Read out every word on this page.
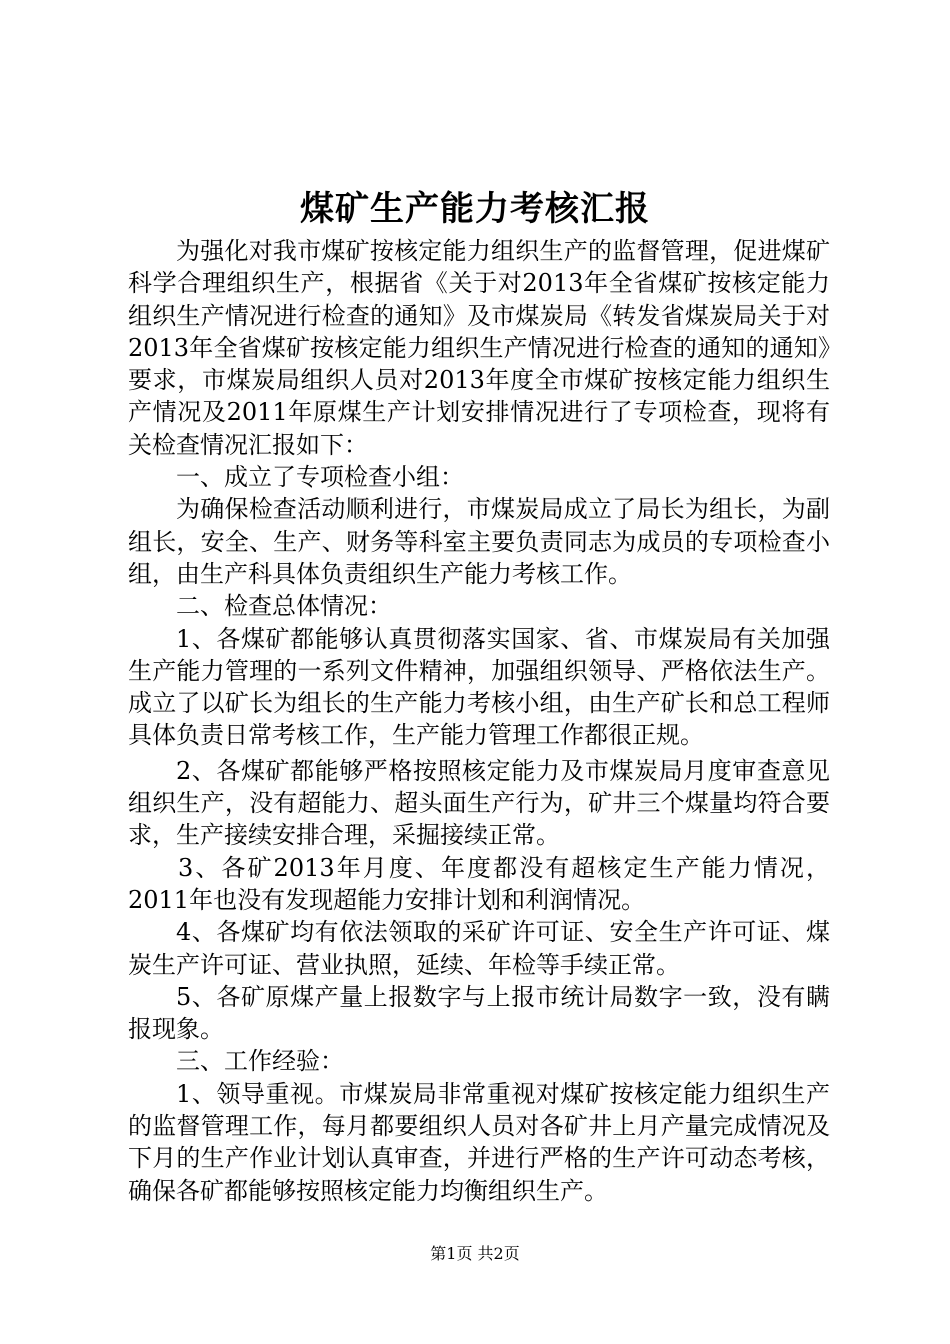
煤矿生产能力考核汇报

为强化对我市煤矿按核定能力组织生产的监督管理，促进煤矿科学合理组织生产，根据省《关于对2013年全省煤矿按核定能力组织生产情况进行检查的通知》及市煤炭局《转发省煤炭局关于对2013年全省煤矿按核定能力组织生产情况进行检查的通知的通知》要求，市煤炭局组织人员对2013年度全市煤矿按核定能力组织生产情况及2011年原煤生产计划安排情况进行了专项检查，现将有关检查情况汇报如下：

一、成立了专项检查小组：

为确保检查活动顺利进行，市煤炭局成立了局长为组长，为副组长，安全、生产、财务等科室主要负责同志为成员的专项检查小组，由生产科具体负责组织生产能力考核工作。

二、检查总体情况：

1、各煤矿都能够认真贯彻落实国家、省、市煤炭局有关加强生产能力管理的一系列文件精神，加强组织领导、严格依法生产。成立了以矿长为组长的生产能力考核小组，由生产矿长和总工程师具体负责日常考核工作，生产能力管理工作都很正规。

2、各煤矿都能够严格按照核定能力及市煤炭局月度审查意见组织生产，没有超能力、超头面生产行为，矿井三个煤量均符合要求，生产接续安排合理，采掘接续正常。

3、各矿2013年月度、年度都没有超核定生产能力情况，2011年也没有发现超能力安排计划和利润情况。

4、各煤矿均有依法领取的采矿许可证、安全生产许可证、煤炭生产许可证、营业执照，延续、年检等手续正常。

5、各矿原煤产量上报数字与上报市统计局数字一致，没有瞒报现象。

三、工作经验：

1、领导重视。市煤炭局非常重视对煤矿按核定能力组织生产的监督管理工作，每月都要组织人员对各矿井上月产量完成情况及下月的生产作业计划认真审查，并进行严格的生产许可动态考核，确保各矿都能够按照核定能力均衡组织生产。

第1页 共2页
